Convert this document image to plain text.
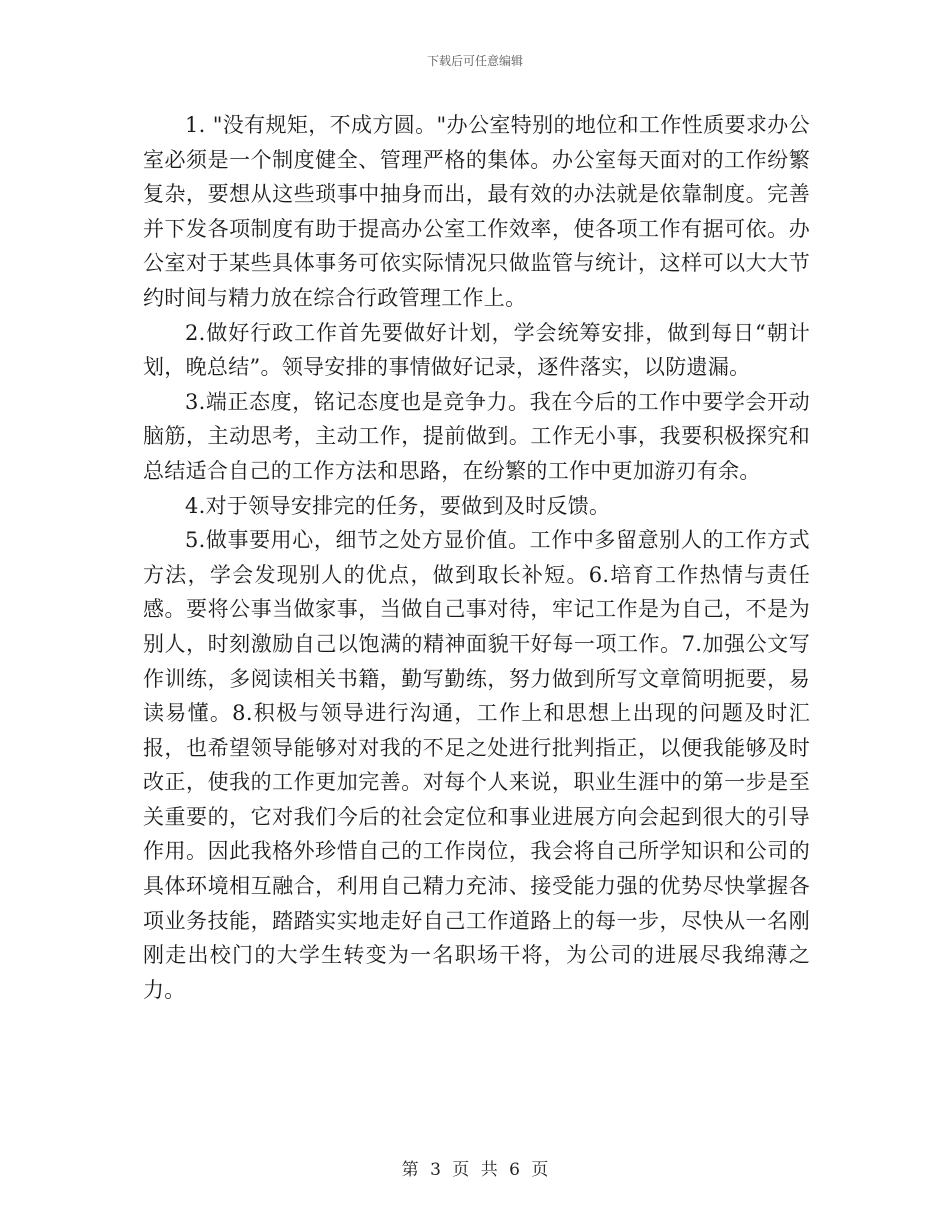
下载后可任意编辑

1. "没有规矩，不成方圆。"办公室特别的地位和工作性质要求办公室必须是一个制度健全、管理严格的集体。办公室每天面对的工作纷繁复杂，要想从这些琐事中抽身而出，最有效的办法就是依靠制度。完善并下发各项制度有助于提高办公室工作效率，使各项工作有据可依。办公室对于某些具体事务可依实际情况只做监管与统计，这样可以大大节约时间与精力放在综合行政管理工作上。

2.做好行政工作首先要做好计划，学会统筹安排，做到每日“朝计划，晚总结”。领导安排的事情做好记录，逐件落实，以防遗漏。

3.端正态度，铭记态度也是竞争力。我在今后的工作中要学会开动脑筋，主动思考，主动工作，提前做到。工作无小事，我要积极探究和总结适合自己的工作方法和思路，在纷繁的工作中更加游刃有余。

4.对于领导安排完的任务，要做到及时反馈。

5.做事要用心，细节之处方显价值。工作中多留意别人的工作方式方法，学会发现别人的优点，做到取长补短。6.培育工作热情与责任感。要将公事当做家事，当做自己事对待，牢记工作是为自己，不是为别人，时刻激励自己以饱满的精神面貌干好每一项工作。7.加强公文写作训练，多阅读相关书籍，勤写勤练，努力做到所写文章简明扼要，易读易懂。8.积极与领导进行沟通，工作上和思想上出现的问题及时汇报，也希望领导能够对对我的不足之处进行批判指正，以便我能够及时改正，使我的工作更加完善。对每个人来说，职业生涯中的第一步是至关重要的，它对我们今后的社会定位和事业进展方向会起到很大的引导作用。因此我格外珍惜自己的工作岗位，我会将自己所学知识和公司的具体环境相互融合，利用自己精力充沛、接受能力强的优势尽快掌握各项业务技能，踏踏实实地走好自己工作道路上的每一步，尽快从一名刚刚走出校门的大学生转变为一名职场干将，为公司的进展尽我绵薄之力。

第 3 页 共 6 页
